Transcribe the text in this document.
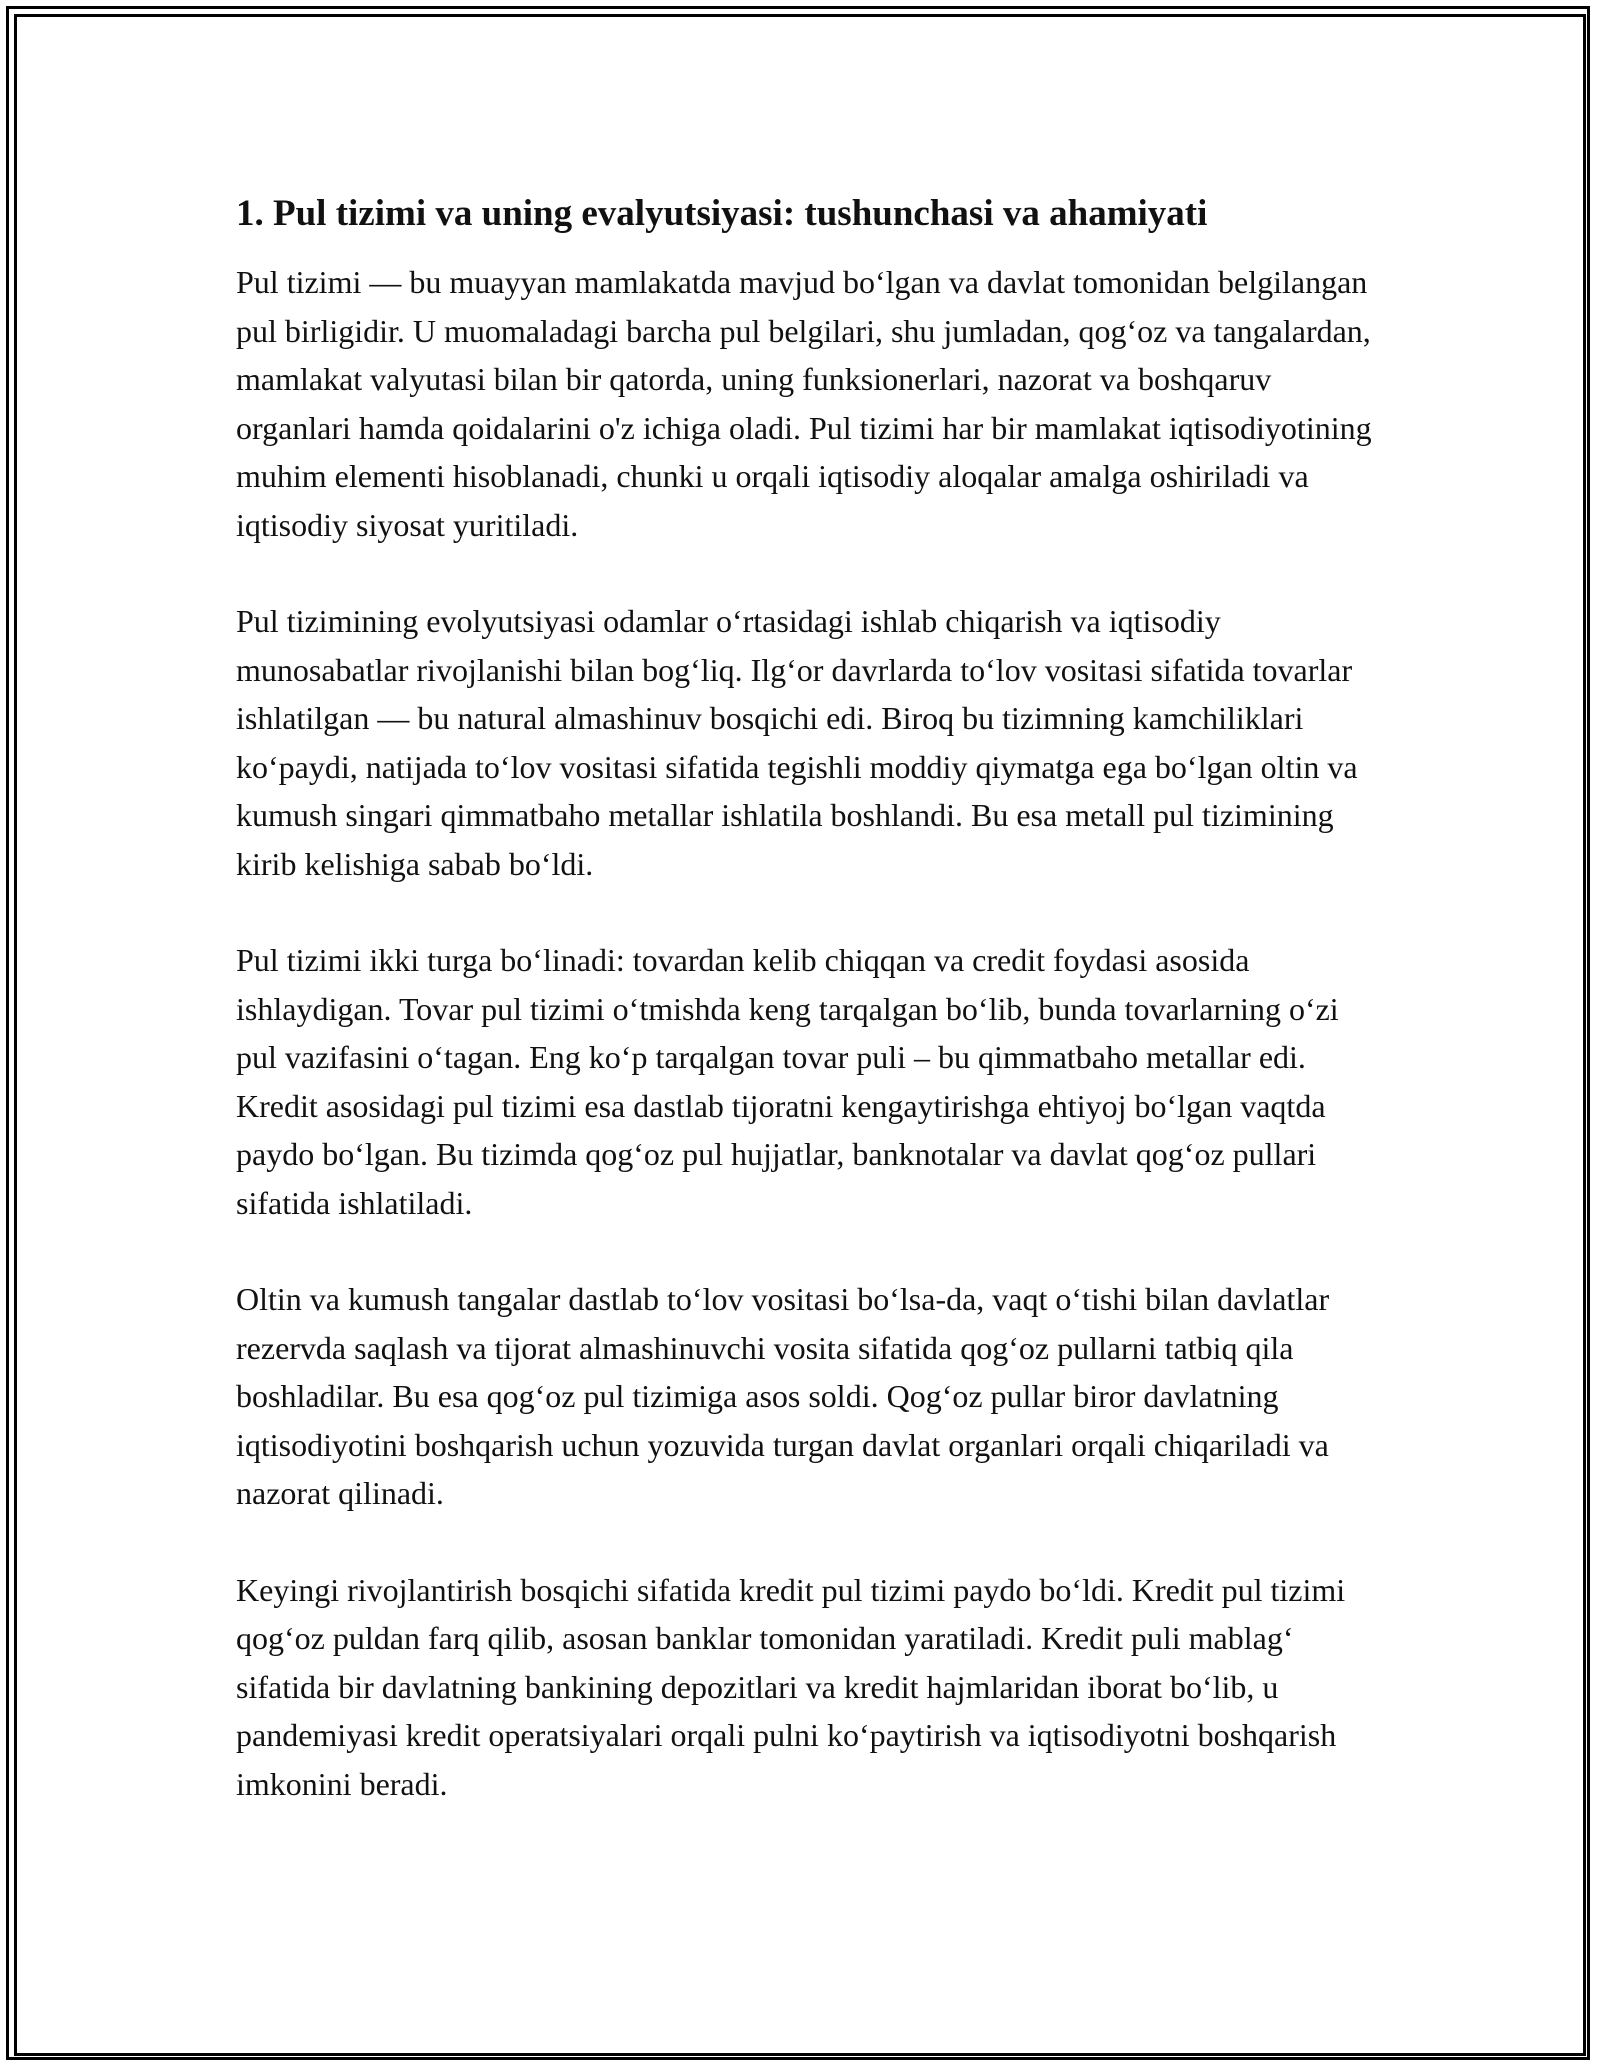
1. Pul tizimi va uning evalyutsiyasi: tushunchasi va ahamiyati

Pul tizimi — bu muayyan mamlakatda mavjud bo‘lgan va davlat tomonidan belgilangan pul birligidir. U muomaladagi barcha pul belgilari, shu jumladan, qog‘oz va tangalardan, mamlakat valyutasi bilan bir qatorda, uning funksionerlari, nazorat va boshqaruv organlari hamda qoidalarini o'z ichiga oladi. Pul tizimi har bir mamlakat iqtisodiyotining muhim elementi hisoblanadi, chunki u orqali iqtisodiy aloqalar amalga oshiriladi va iqtisodiy siyosat yuritiladi.

Pul tizimining evolyutsiyasi odamlar o‘rtasidagi ishlab chiqarish va iqtisodiy munosabatlar rivojlanishi bilan bog‘liq. Ilg‘or davrlarda to‘lov vositasi sifatida tovarlar ishlatilgan — bu natural almashinuv bosqichi edi. Biroq bu tizimning kamchiliklari ko‘paydi, natijada to‘lov vositasi sifatida tegishli moddiy qiymatga ega bo‘lgan oltin va kumush singari qimmatbaho metallar ishlatila boshlandi. Bu esa metall pul tizimining kirib kelishiga sabab bo‘ldi.

Pul tizimi ikki turga bo‘linadi: tovardan kelib chiqqan va credit foydasi asosida ishlaydigan. Tovar pul tizimi o‘tmishda keng tarqalgan bo‘lib, bunda tovarlarning o‘zi pul vazifasini o‘tagan. Eng ko‘p tarqalgan tovar puli – bu qimmatbaho metallar edi. Kredit asosidagi pul tizimi esa dastlab tijoratni kengaytirishga ehtiyoj bo‘lgan vaqtda paydo bo‘lgan. Bu tizimda qog‘oz pul hujjatlar, banknotalar va davlat qog‘oz pullari sifatida ishlatiladi.

Oltin va kumush tangalar dastlab to‘lov vositasi bo‘lsa-da, vaqt o‘tishi bilan davlatlar rezervda saqlash va tijorat almashinuvchi vosita sifatida qog‘oz pullarni tatbiq qila boshladilar. Bu esa qog‘oz pul tizimiga asos soldi. Qog‘oz pullar biror davlatning iqtisodiyotini boshqarish uchun yozuvida turgan davlat organlari orqali chiqariladi va nazorat qilinadi.

Keyingi rivojlantirish bosqichi sifatida kredit pul tizimi paydo bo‘ldi. Kredit pul tizimi qog‘oz puldan farq qilib, asosan banklar tomonidan yaratiladi. Kredit puli mablag‘ sifatida bir davlatning bankining depozitlari va kredit hajmlaridan iborat bo‘lib, u pandemiyasi kredit operatsiyalari orqali pulni ko‘paytirish va iqtisodiyotni boshqarish imkonini beradi.
